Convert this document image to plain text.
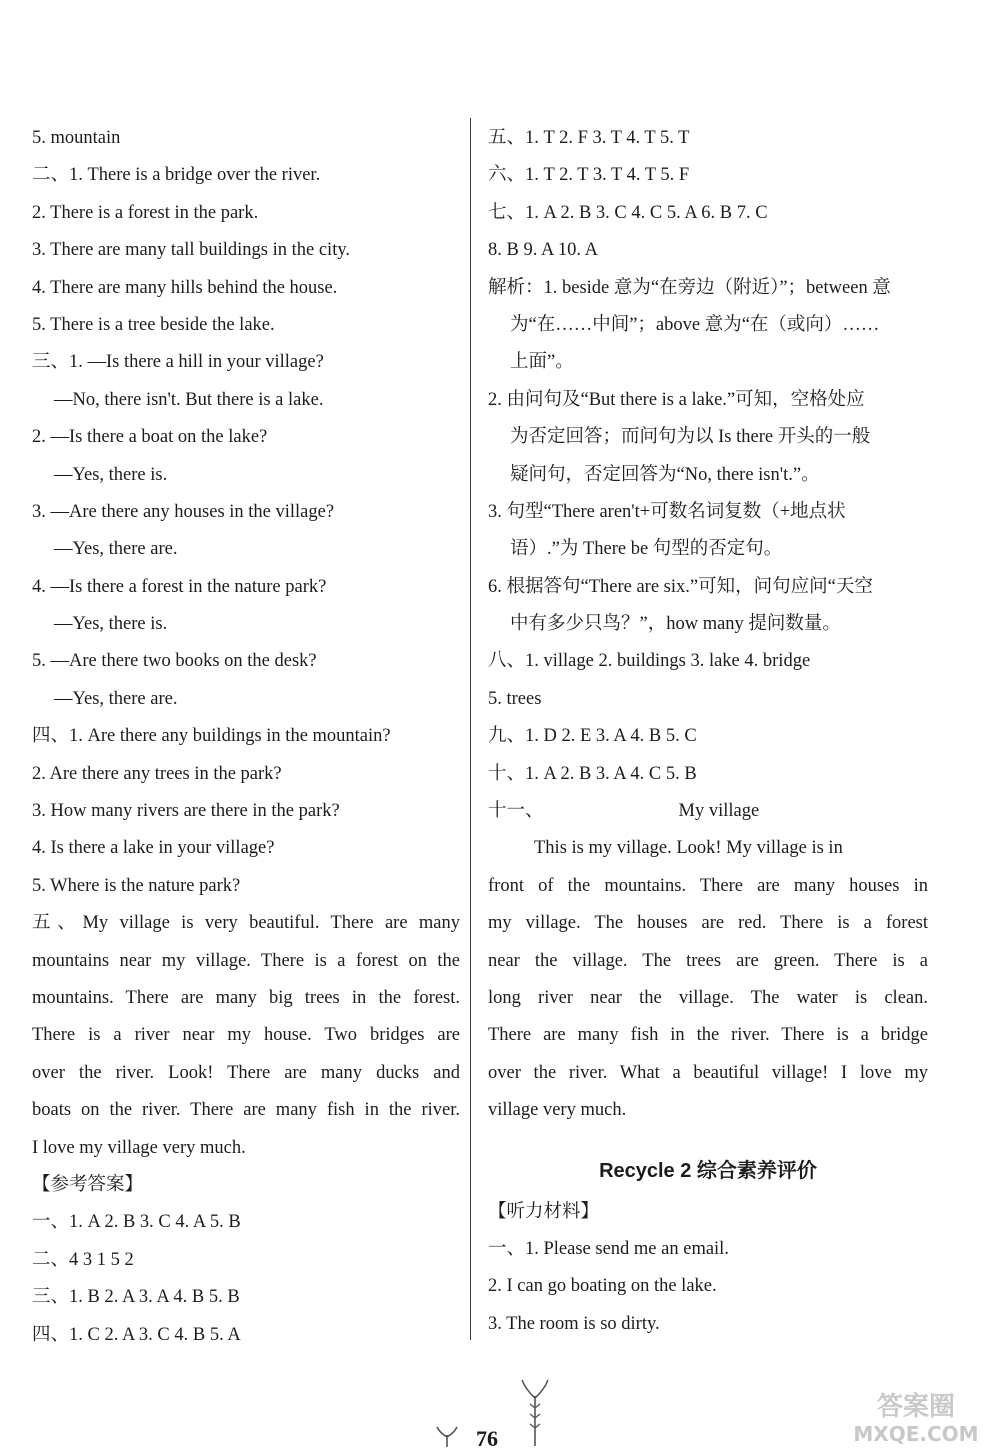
5. mountain
二、1. There is a bridge over the river.
2. There is a forest in the park.
3. There are many tall buildings in the city.
4. There are many hills behind the house.
5. There is a tree beside the lake.
三、1. —Is there a hill in your village?
—No, there isn't. But there is a lake.
2. —Is there a boat on the lake?
—Yes, there is.
3. —Are there any houses in the village?
—Yes, there are.
4. —Is there a forest in the nature park?
—Yes, there is.
5. —Are there two books on the desk?
—Yes, there are.
四、1. Are there any buildings in the mountain?
2. Are there any trees in the park?
3. How many rivers are there in the park?
4. Is there a lake in your village?
5. Where is the nature park?
五、My village is very beautiful. There are many
mountains near my village. There is a forest on the
mountains. There are many big trees in the forest.
There is a river near my house. Two bridges are
over the river. Look! There are many ducks and
boats on the river. There are many fish in the river.
I love my village very much.
【参考答案】
一、1. A 2. B 3. C 4. A 5. B
二、4 3 1 5 2
三、1. B 2. A 3. A 4. B 5. B
四、1. C 2. A 3. C 4. B 5. A
五、1. T 2. F 3. T 4. T 5. T
六、1. T 2. T 3. T 4. T 5. F
七、1. A 2. B 3. C 4. C 5. A 6. B 7. C
8. B 9. A 10. A
解析：1. beside 意为“在旁边（附近）”；between 意
为“在……中间”；above 意为“在（或向）……
上面”。
2. 由问句及“But there is a lake.”可知，空格处应
为否定回答；而问句为以 Is there 开头的一般
疑问句，否定回答为“No, there isn't.”。
3. 句型“There aren't+可数名词复数（+地点状
语）.”为 There be 句型的否定句。
6. 根据答句“There are six.”可知，问句应问“天空
中有多少只鸟？”，how many 提问数量。
八、1. village 2. buildings 3. lake 4. bridge
5. trees
九、1. D 2. E 3. A 4. B 5. C
十、1. A 2. B 3. A 4. C 5. B
十一、	My village
This is my village. Look! My village is in
front of the mountains. There are many houses in
my village. The houses are red. There is a forest
near the village. The trees are green. There is a
long river near the village. The water is clean.
There are many fish in the river. There is a bridge
over the river. What a beautiful village! I love my
village very much.
Recycle 2 综合素养评价
【听力材料】
一、1. Please send me an email.
2. I can go boating on the lake.
3. The room is so dirty.
76
答案圈
MXQE.COM
